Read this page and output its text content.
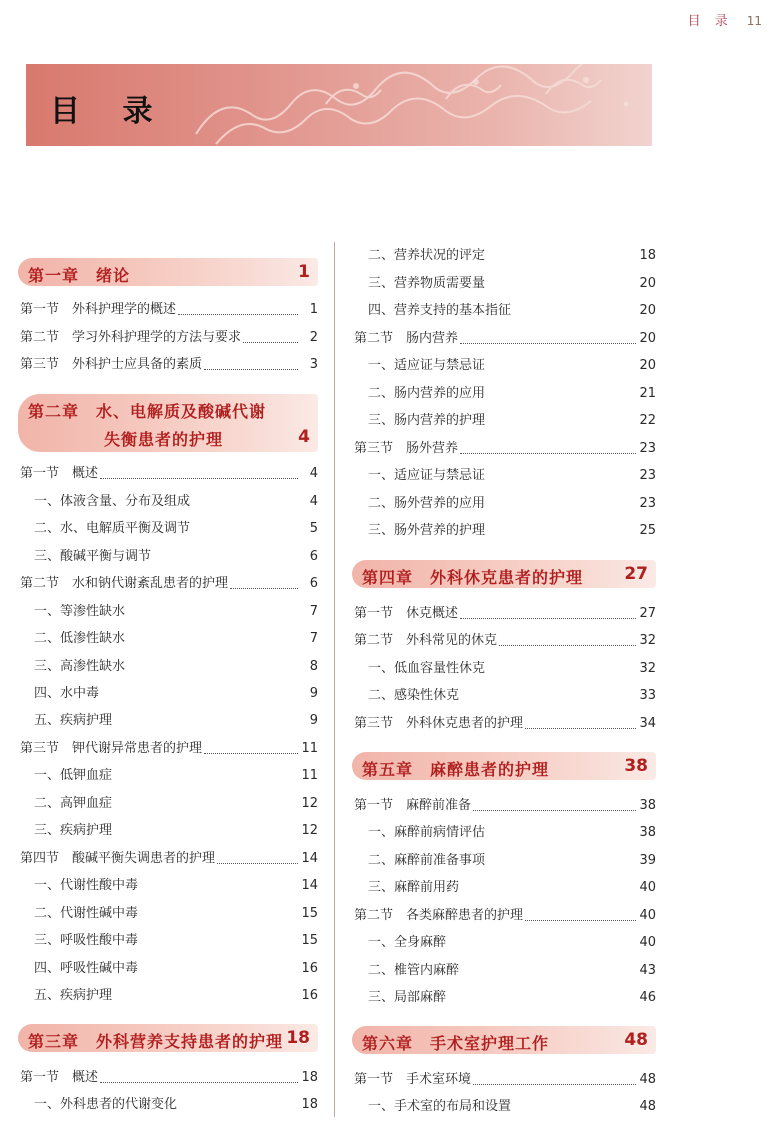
目 录 11
目 录
第一章　绪论	1
第一节　外科护理学的概述	1
第二节　学习外科护理学的方法与要求	2
第三节　外科护士应具备的素质	3
第二章　水、电解质及酸碱代谢
失衡患者的护理	4
第一节　概述	4
一、体液含量、分布及组成	4
二、水、电解质平衡及调节	5
三、酸碱平衡与调节	6
第二节　水和钠代谢紊乱患者的护理	6
一、等渗性缺水	7
二、低渗性缺水	7
三、高渗性缺水	8
四、水中毒	9
五、疾病护理	9
第三节　钾代谢异常患者的护理	11
一、低钾血症	11
二、高钾血症	12
三、疾病护理	12
第四节　酸碱平衡失调患者的护理	14
一、代谢性酸中毒	14
二、代谢性碱中毒	15
三、呼吸性酸中毒	15
四、呼吸性碱中毒	16
五、疾病护理	16
第三章　外科营养支持患者的护理 18
第一节　概述	18
一、外科患者的代谢变化	18
二、营养状况的评定	18
三、营养物质需要量	20
四、营养支持的基本指征	20
第二节　肠内营养	20
一、适应证与禁忌证	20
二、肠内营养的应用	21
三、肠内营养的护理	22
第三节　肠外营养	23
一、适应证与禁忌证	23
二、肠外营养的应用	23
三、肠外营养的护理	25
第四章　外科休克患者的护理 27
第一节　休克概述	27
第二节　外科常见的休克	32
一、低血容量性休克	32
二、感染性休克	33
第三节　外科休克患者的护理	34
第五章　麻醉患者的护理	38
第一节　麻醉前准备	38
一、麻醉前病情评估	38
二、麻醉前准备事项	39
三、麻醉前用药	40
第二节　各类麻醉患者的护理	40
一、全身麻醉	40
二、椎管内麻醉	43
三、局部麻醉	46
第六章　手术室护理工作	48
第一节　手术室环境	48
一、手术室的布局和设置	48
